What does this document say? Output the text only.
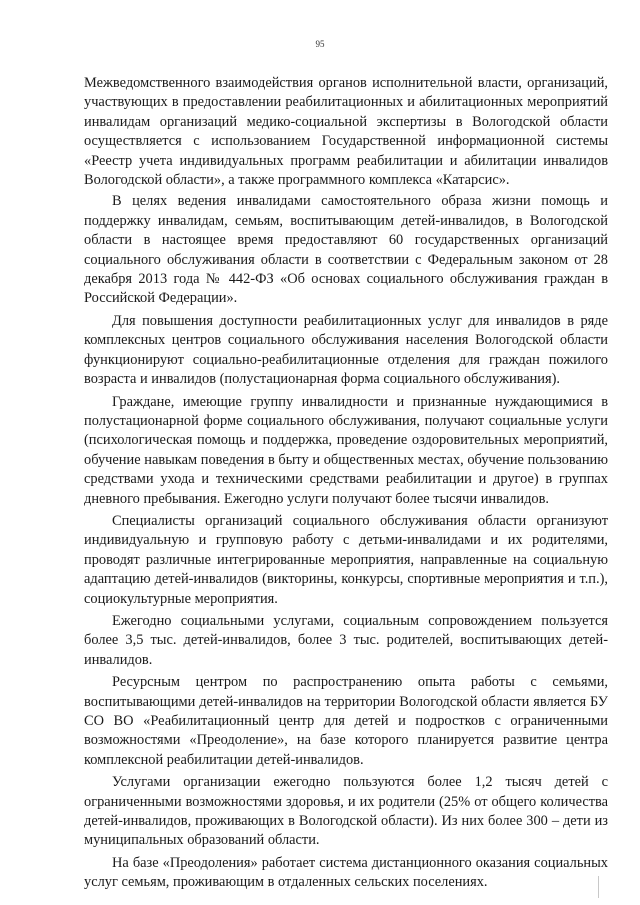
95

Межведомственного взаимодействия органов исполнительной власти, организаций, участвующих в предоставлении реабилитационных и абилитационных мероприятий инвалидам организаций медико-социальной экспертизы в Вологодской области осуществляется с использованием Государственной информационной системы «Реестр учета индивидуальных программ реабилитации и абилитации инвалидов Вологодской области», а также программного комплекса «Катарсис».

В целях ведения инвалидами самостоятельного образа жизни помощь и поддержку инвалидам, семьям, воспитывающим детей-инвалидов, в Вологодской области в настоящее время предоставляют 60 государственных организаций социального обслуживания области в соответствии с Федеральным законом от 28 декабря 2013 года № 442-ФЗ «Об основах социального обслуживания граждан в Российской Федерации».

Для повышения доступности реабилитационных услуг для инвалидов в ряде комплексных центров социального обслуживания населения Вологодской области функционируют социально-реабилитационные отделения для граждан пожилого возраста и инвалидов (полустационарная форма социального обслуживания).

Граждане, имеющие группу инвалидности и признанные нуждающимися в полустационарной форме социального обслуживания, получают социальные услуги (психологическая помощь и поддержка, проведение оздоровительных мероприятий, обучение навыкам поведения в быту и общественных местах, обучение пользованию средствами ухода и техническими средствами реабилитации и другое) в группах дневного пребывания. Ежегодно услуги получают более тысячи инвалидов.

Специалисты организаций социального обслуживания области организуют индивидуальную и групповую работу с детьми-инвалидами и их родителями, проводят различные интегрированные мероприятия, направленные на социальную адаптацию детей-инвалидов (викторины, конкурсы, спортивные мероприятия и т.п.), социокультурные мероприятия.

Ежегодно социальными услугами, социальным сопровождением пользуется более 3,5 тыс. детей-инвалидов, более 3 тыс. родителей, воспитывающих детей-инвалидов.

Ресурсным центром по распространению опыта работы с семьями, воспитывающими детей-инвалидов на территории Вологодской области является БУ СО ВО «Реабилитационный центр для детей и подростков с ограниченными возможностями «Преодоление», на базе которого планируется развитие центра комплексной реабилитации детей-инвалидов.

Услугами организации ежегодно пользуются более 1,2 тысяч детей с ограниченными возможностями здоровья, и их родители (25% от общего количества детей-инвалидов, проживающих в Вологодской области). Из них более 300 – дети из муниципальных образований области.

На базе «Преодоления» работает система дистанционного оказания социальных услуг семьям, проживающим в отдаленных сельских поселениях.
